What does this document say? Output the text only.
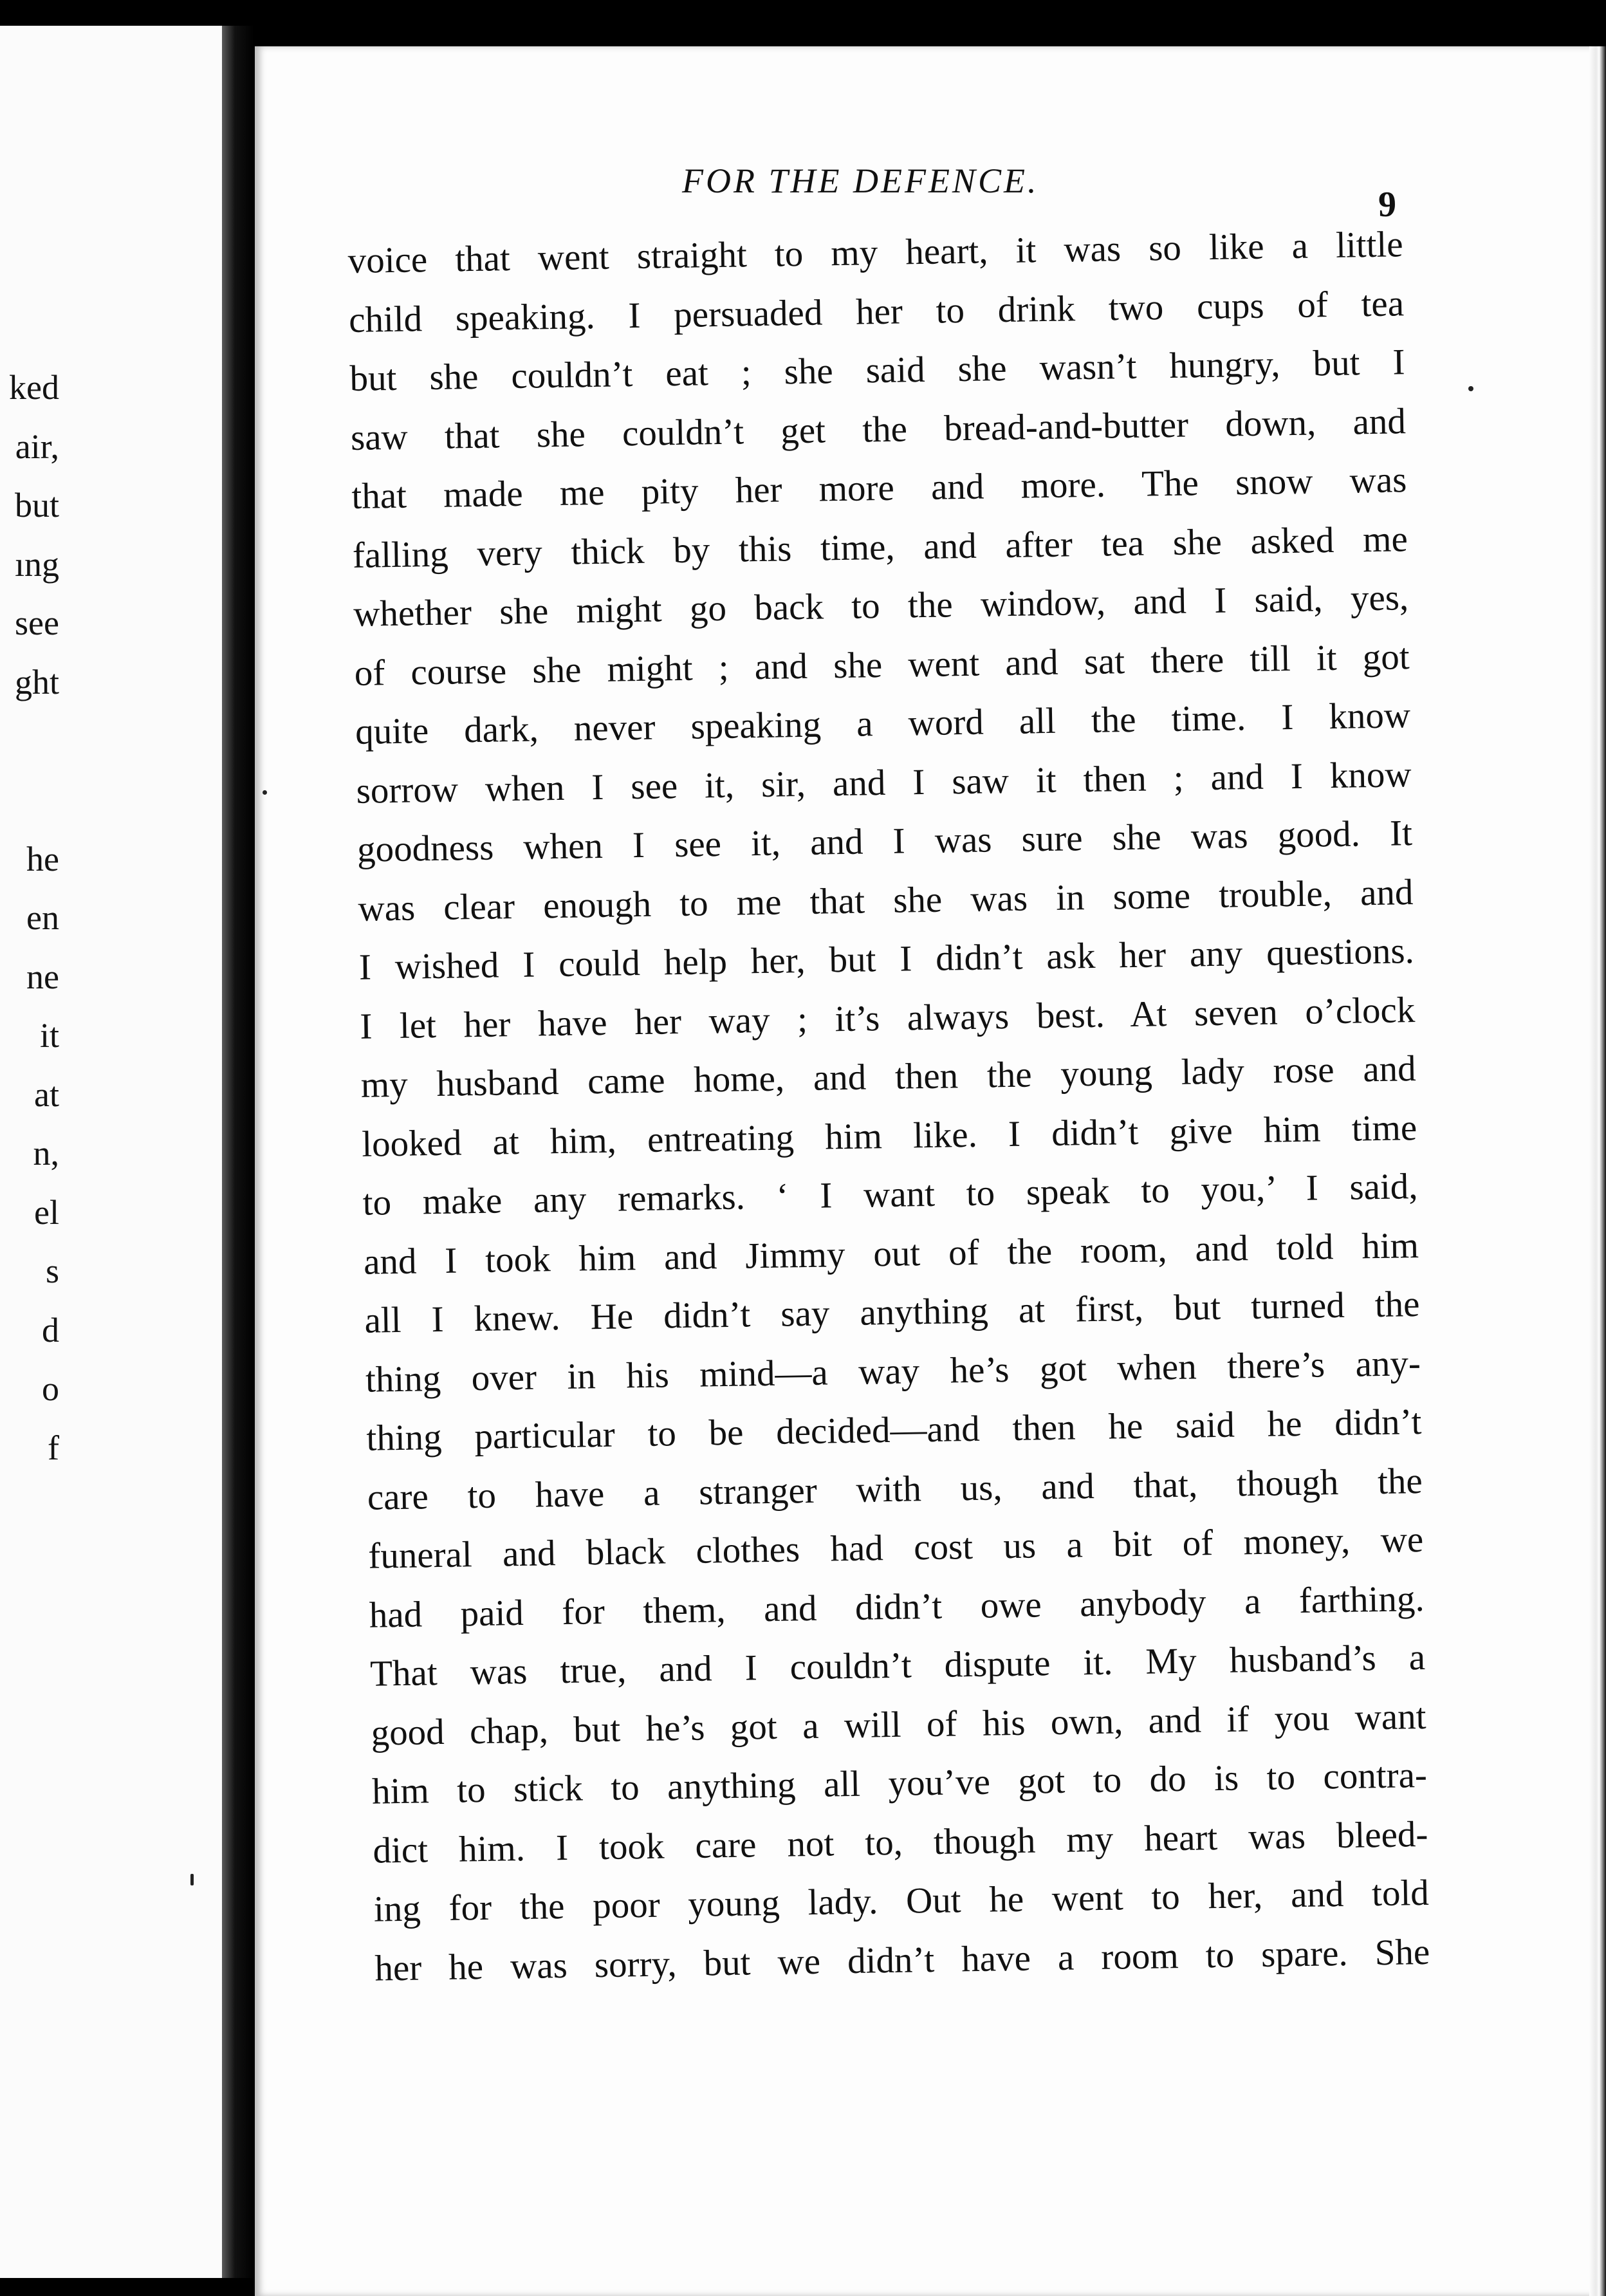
ked
air,
but
ıng
see
ght
he
en
ne
it
at
n,
el
s
d
o
f
FOR THE DEFENCE.
9
voice that went straight to my heart, it was so like a little
child speaking. I persuaded her to drink two cups of tea
but she couldn’t eat ; she said she wasn’t hungry, but I
saw that she couldn’t get the bread-and-butter down, and
that made me pity her more and more. The snow was
falling very thick by this time, and after tea she asked me
whether she might go back to the window, and I said, yes,
of course she might ; and she went and sat there till it got
quite dark, never speaking a word all the time. I know
sorrow when I see it, sir, and I saw it then ; and I know
goodness when I see it, and I was sure she was good. It
was clear enough to me that she was in some trouble, and
I wished I could help her, but I didn’t ask her any questions.
I let her have her way ; it’s always best. At seven o’clock
my husband came home, and then the young lady rose and
looked at him, entreating him like. I didn’t give him time
to make any remarks. ‘ I want to speak to you,’ I said,
and I took him and Jimmy out of the room, and told him
all I knew. He didn’t say anything at first, but turned the
thing over in his mind—a way he’s got when there’s any-
thing particular to be decided—and then he said he didn’t
care to have a stranger with us, and that, though the
funeral and black clothes had cost us a bit of money, we
had paid for them, and didn’t owe anybody a farthing.
That was true, and I couldn’t dispute it. My husband’s a
good chap, but he’s got a will of his own, and if you want
him to stick to anything all you’ve got to do is to contra-
dict him. I took care not to, though my heart was bleed-
ing for the poor young lady. Out he went to her, and told
her he was sorry, but we didn’t have a room to spare. She
